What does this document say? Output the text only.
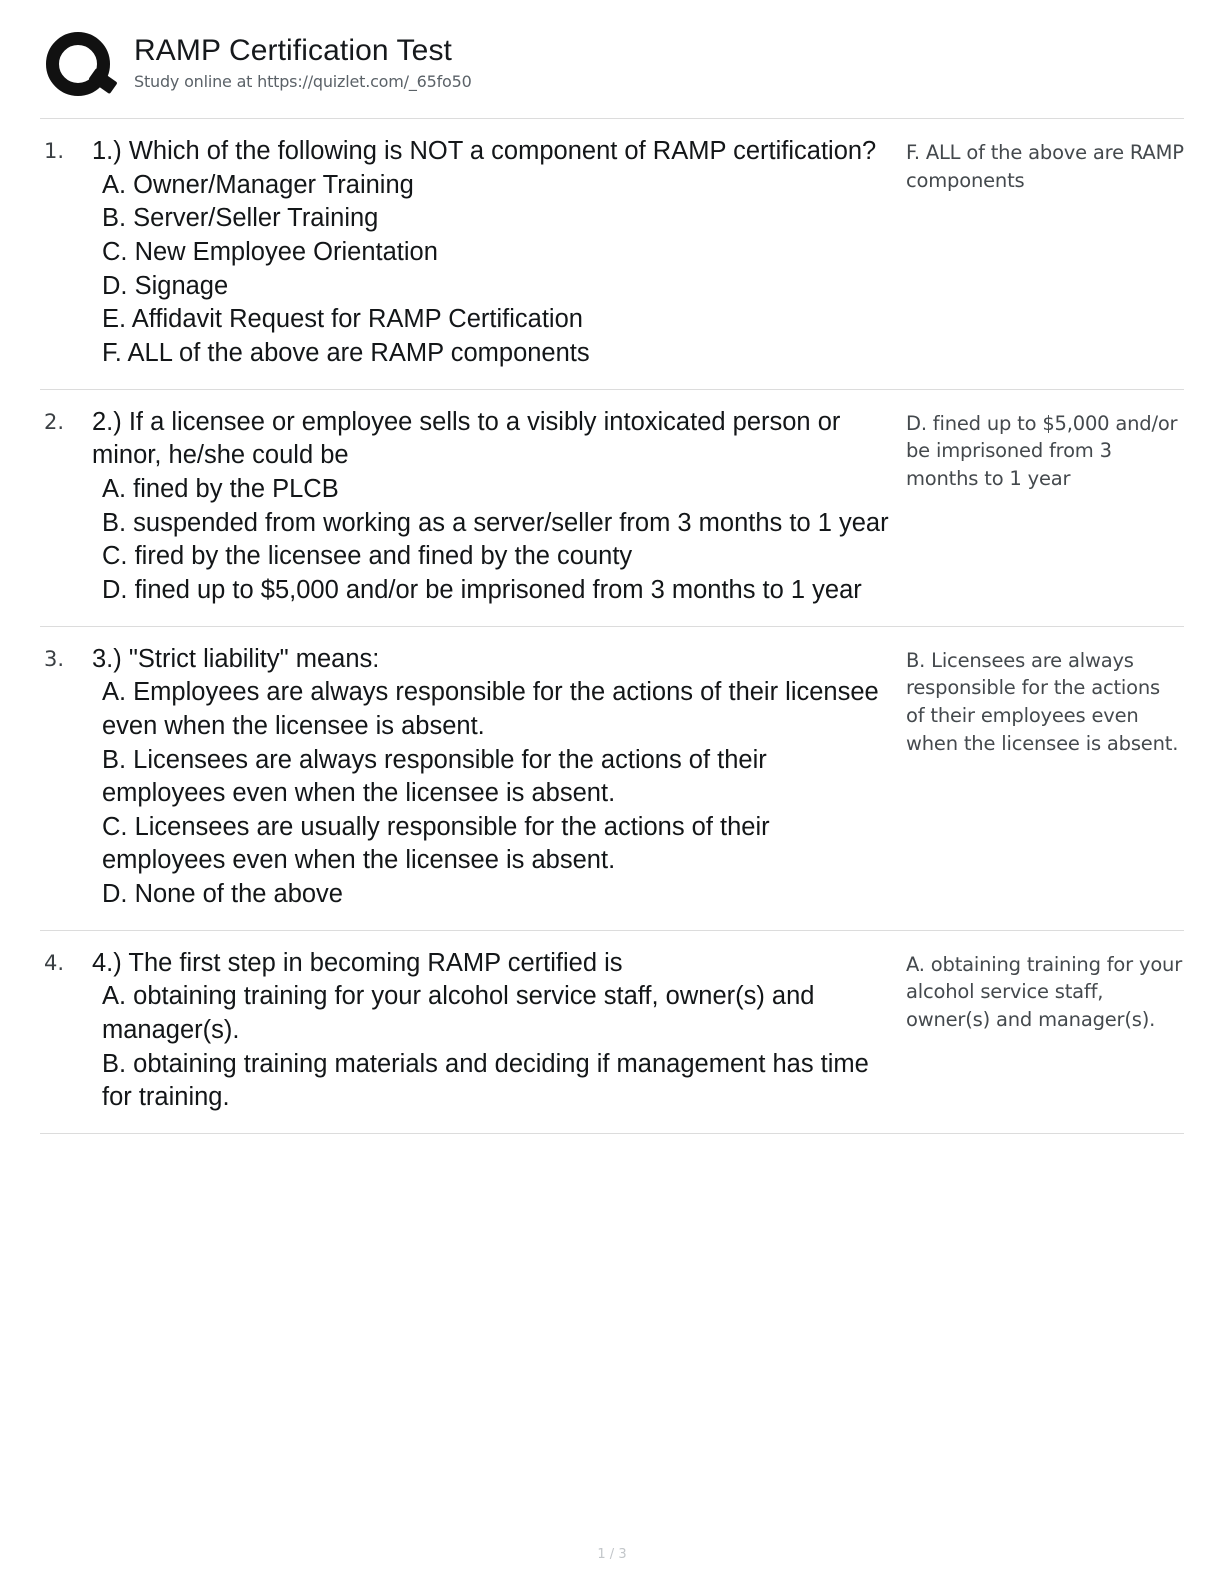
RAMP Certification Test
Study online at https://quizlet.com/_65fo50
1.	1.) Which of the following is NOT a component of RAMP certification?
A. Owner/Manager Training
B. Server/Seller Training
C. New Employee Orientation
D. Signage
E. Affidavit Request for RAMP Certification
F. ALL of the above are RAMP components
F. ALL of the above are RAMP components
2.	2.) If a licensee or employee sells to a visibly intoxicated person or minor, he/she could be
A. fined by the PLCB
B. suspended from working as a server/seller from 3 months to 1 year
C. fired by the licensee and fined by the county
D. fined up to $5,000 and/or be imprisoned from 3 months to 1 year
D. fined up to $5,000 and/or be imprisoned from 3 months to 1 year
3.	3.) "Strict liability" means:
A. Employees are always responsible for the actions of their licensee even when the licensee is absent.
B. Licensees are always responsible for the actions of their employees even when the licensee is absent.
C. Licensees are usually responsible for the actions of their employees even when the licensee is absent.
D. None of the above
B. Licensees are always responsible for the actions of their employees even when the licensee is absent.
4.	4.) The first step in becoming RAMP certified is
A. obtaining training for your alcohol service staff, owner(s) and manager(s).
B. obtaining training materials and deciding if management has time for training.
A. obtaining training for your alcohol service staff, owner(s) and manager(s).
1 / 3
